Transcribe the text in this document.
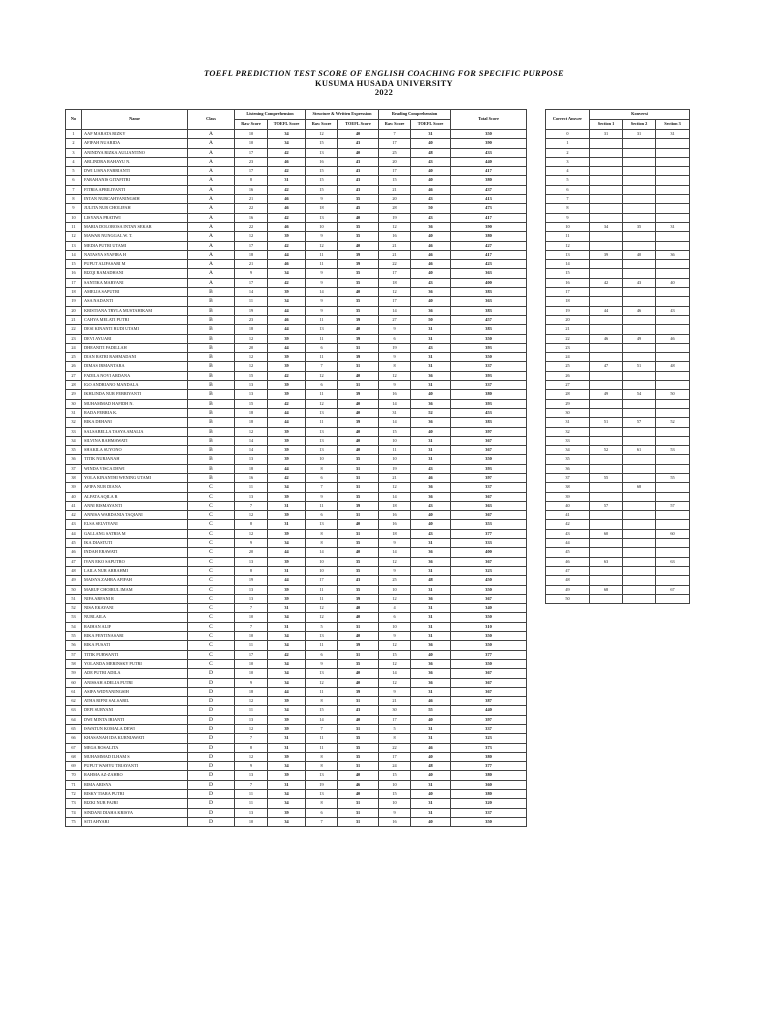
TOEFL PREDICTION TEST SCORE OF ENGLISH COACHING FOR SPECIFIC PURPOSE
KUSUMA HUSADA UNIVERSITY
2022
No	Name	Class	Listening Comprehension		Structure & Written Expression		Reading Comprehension		Total Score
			Raw Score	TOEFL Score	Raw Score	TOEFL Score	Raw Score	TOEFL Score	
1	AAF MARATA RIZKY	A	10	34	12	40	7	31	350
2	AFIFAH NUARIDA	A	10	34	15	43	17	40	390
3	ANINDYA RIZKA AULIANTINO	A	17	42	13	40	25	48	433
4	ARLINDRA RAHAYU N.	A	23	46	16	43	20	43	440
5	DWI LISNA FABRIANTI	A	17	42	15	43	17	40	417
6	FARAHANIS GITAFITRI	A	8	31	15	43	15	40	380
7	FITRIA APRILIYANTI	A	16	42	15	43	21	46	437
8	INTAN NURCAHYANINGSIH	A	21	46	9	35	20	43	413
9	JULITA NUR CHOLIFAH	A	22	46	18	45	28	50	473
10	LISYANA PRATIWI	A	16	42	13	40	19	43	417
11	MARIA DOLOROSA INTAN SEKAR	A	22	46	10	35	12	36	390
12	MAWAR NUNGGAL W. T.	A	12	39	9	35	16	40	380
13	MEDIA PUTRI UTAMI	A	17	42	12	40	21	46	427
14	NATASYA SYAFIRA H	A	18	44	11	39	21	46	417
15	PUPUT ALIFASARI M	A	21	46	11	39	22	46	423
16	RIZQI RAMADHANI	A	9	34	9	35	17	40	363
17	SANTIKA MARYANI	A	17	42	9	35	18	43	400
18	AMELIA SAPUTRI	B	14	39	14	40	12	36	383
19	ASA NADANTI	B	11	34	9	35	17	40	363
20	KRISTIANA TRYLA MUSTAHIKAM	B	19	44	9	35	14	36	383
21	CAHYA MELATI PUTRI	B	23	46	11	39	27	50	457
22	DESI KINANTI RUDI UTAMI	B	18	44	13	40	9	31	383
23	DEVI AYUARI	B	12	39	11	39	6	31	350
24	DHEANITI FADILLAH	B	20	44	6	31	19	43	393
25	DIAN RATRI RAHMADANI	B	12	39	11	39	9	31	350
26	DIMAS IRMANTARA	B	12	39	7	31	8	31	337
27	FADILA NOVI ARDANA	B	15	42	12	40	12	36	393
28	IGO ANDRIANO MANDALA	B	13	39	6	31	9	31	337
29	IKHLINDA NUR FEBRIYANTI	B	13	39	11	39	16	40	380
30	MUHAMMAD HAFIDH N.	B	15	42	12	40	14	36	393
31	RADA FEBRIA K.	B	18	44	13	40	31	52	453
32	RIKA DEHANI	B	18	44	11	39	14	36	383
33	SALSABELLA TASYA AMALIA	B	12	39	13	40	15	40	397
34	SILVINA RAHMAWATI	B	14	39	13	40	10	31	367
35	SHAKILA SUYONO	B	14	39	13	40	11	31	367
36	TITIK NURJANAH	B	13	39	10	35	10	31	350
37	WINDA VISCA DEWI	B	18	44	8	31	19	43	393
38	YOLA KINANTHI WENING UTAMI	B	16	42	6	31	21	46	397
39	AFIFA NUR DIANA	C	11	34	7	31	12	36	337
40	ALFATA AQILA R	C	13	39	9	35	14	36	367
41	ANNI RISMAYANTI	C	7	31	11	39	18	43	363
42	ANNISA WARDANIA TAQIANI	C	12	39	6	31	16	40	367
43	ELSA SELVIYANI	C	8	31	13	40	16	40	353
44	GALLANG SATRIA M	C	12	39	8	31	18	43	377
45	IKA DIASTUTI	C	9	34	8	35	9	31	333
46	INDAH ERAWATI	C	20	44	14	40	14	36	400
47	IVAN EKO SAPUTRO	C	13	39	10	35	12	36	367
48	LAILA NUR ARRAHMI	C	8	31	10	35	9	31	323
49	MAISYA ZAHRA AFIFAH	C	19	44	17	43	25	48	450
50	MARUF CHOIRUL IMAM	C	13	39	11	35	10	31	350
51	NIFA ARFANI R	C	13	39	11	39	12	36	367
52	NISA EKAYANI	C	7	31	12	40	4	31	340
53	NURLAILA	C	10	34	12	40	6	31	350
54	RAIHAN ALIF	C	7	31	5	31	10	31	310
55	RIKA FENTINASARI	C	10	34	13	40	9	31	350
56	RIKA PUSATI	C	11	34	11	39	12	36	350
57	TITIK PURWANTI	C	17	42	6	31	15	40	377
58	YOLANDA MERINSKY PUTRI	C	10	34	9	35	12	36	350
59	ADE PUTRI ADILA	D	10	34	13	40	14	36	367
60	ANISSAH ADELIA PUTRI	D	9	34	12	40	12	36	367
61	ASIFA WIDYANINGSIH	D	18	44	11	39	9	31	367
62	ATHA RIFNI SALSABIL	D	12	39	8	31	21	46	387
63	DEFI SURYANI	D	11	34	15	43	30	55	440
64	DWI MINTA IRIANTI	D	13	39	14	40	17	40	397
65	ISWATUN KOMALA DEWI	D	12	39	7	31	5	31	337
66	KHASANAH IDA KURNIAWATI	D	7	31	11	35	8	31	323
67	MEGA ROSALITA	D	8	31	11	35	22	46	373
68	MUHAMMAD ILHAM S	D	12	39	8	35	17	40	380
69	PUPUT WAHYU TRIAYANTI	D	9	34	8	31	24	48	377
70	RAHMA AZ-ZAHRO	D	13	39	13	40	15	40	380
71	RIMA ARISYA	D	7	31	19	46	10	31	360
72	RISKY TIARA PUTRI	D	11	34	13	40	15	40	380
73	RIZKI NUR FAJRI	D	11	34	8	31	10	31	320
74	SINDANI DIAHA KRISYA	D	13	39	6	31	9	31	337
75	SITI AHYARI	D	10	34	7	31	16	40	350
Correct Answer	Konversi		
	Section 1	Section 2	Section 3
0	31	31	31
1			
2			
3			
4			
5			
6			
7			
8			
9			
10	34	35	31
11			
12			
13	39	40	36
14			
15			
16	42	43	40
17			
18			
19	44	46	43
20			
21			
22	46	49	46
23			
24			
25	47	51	48
26			
27			
28	49	54	50
29			
30			
31	51	57	52
32			
33			
34	52	61	53
35			
36			
37	55		55
38		68	
39			
40	57		57
41			
42			
43	60		60
44			
45			
46	63		63
47			
48			
49	68		67
50			
